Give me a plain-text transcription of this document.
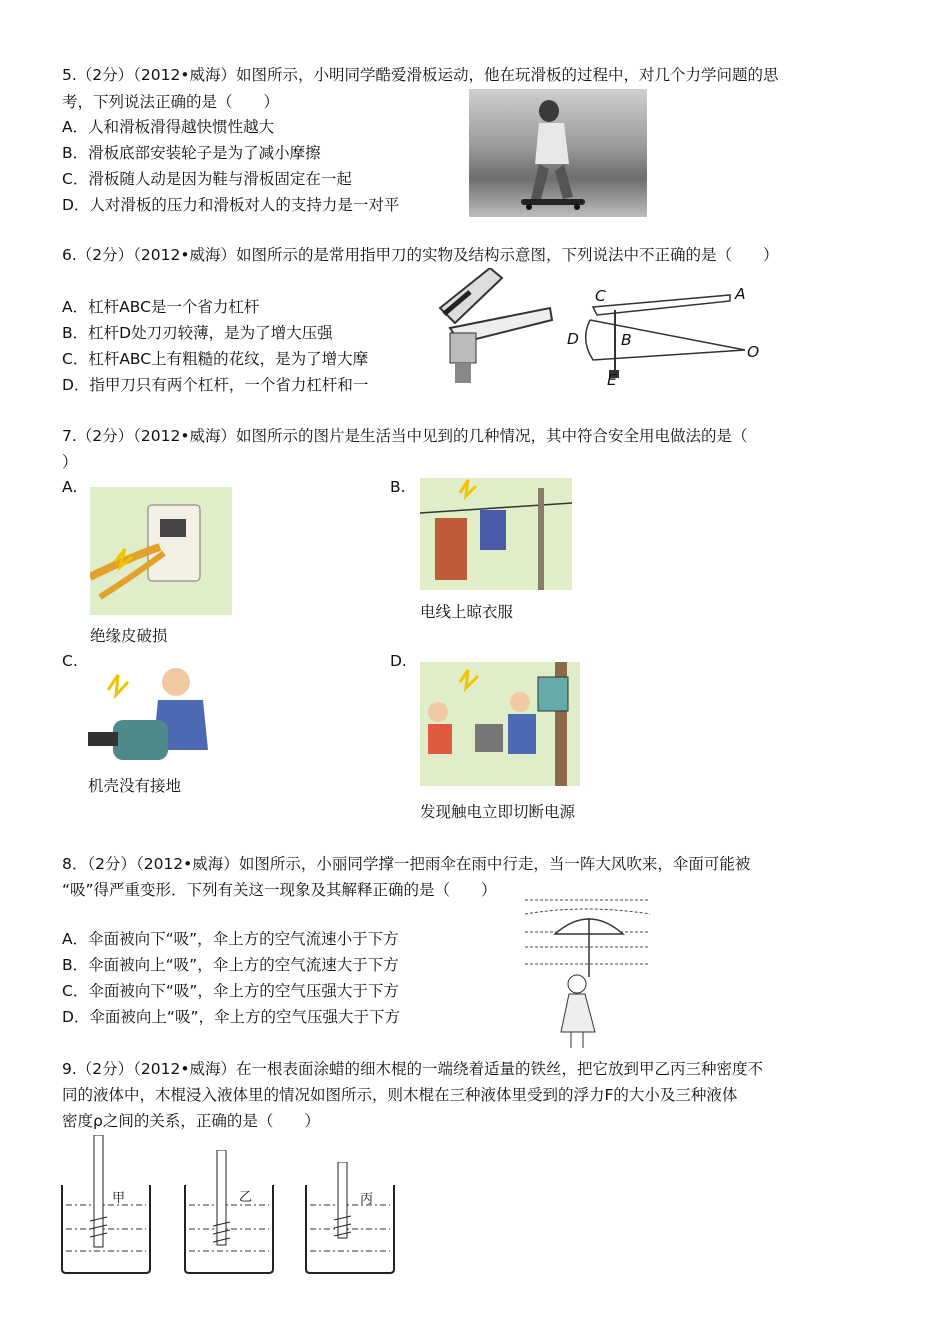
5.（2分）（2012•威海）如图所示，小明同学酷爱滑板运动，他在玩滑板的过程中，对几个力学问题的思
考，下列说法正确的是（　　）
A．人和滑板滑得越快惯性越大
B．滑板底部安装轮子是为了减小摩擦
C．滑板随人动是因为鞋与滑板固定在一起
D．人对滑板的压力和滑板对人的支持力是一对平
6.（2分）（2012•威海）如图所示的是常用指甲刀的实物及结构示意图，下列说法中不正确的是（　　）
A．杠杆ABC是一个省力杠杆
B．杠杆D处刀刃较薄，是为了增大压强
C．杠杆ABC上有粗糙的花纹，是为了增大摩
D．指甲刀只有两个杠杆，一个省力杠杆和一
C	A
D	B
O
E
7.（2分）（2012•威海）如图所示的图片是生活当中见到的几种情况，其中符合安全用电做法的是（
）
A.
绝缘皮破损
B.
电线上晾衣服
C.
机壳没有接地
D.
发现触电立即切断电源
8．（2分）（2012•威海）如图所示，小丽同学撑一把雨伞在雨中行走，当一阵大风吹来，伞面可能被
“吸”得严重变形．下列有关这一现象及其解释正确的是（　　）
A．伞面被向下“吸”，伞上方的空气流速小于下方
B．伞面被向上“吸”，伞上方的空气流速大于下方
C．伞面被向下“吸”，伞上方的空气压强大于下方
D．伞面被向上“吸”，伞上方的空气压强大于下方
9.（2分）（2012•威海）在一根表面涂蜡的细木棍的一端绕着适量的铁丝，把它放到甲乙丙三种密度不
同的液体中，木棍浸入液体里的情况如图所示，则木棍在三种液体里受到的浮力F的大小及三种液体
密度ρ之间的关系，正确的是（　　）
甲	乙	丙
